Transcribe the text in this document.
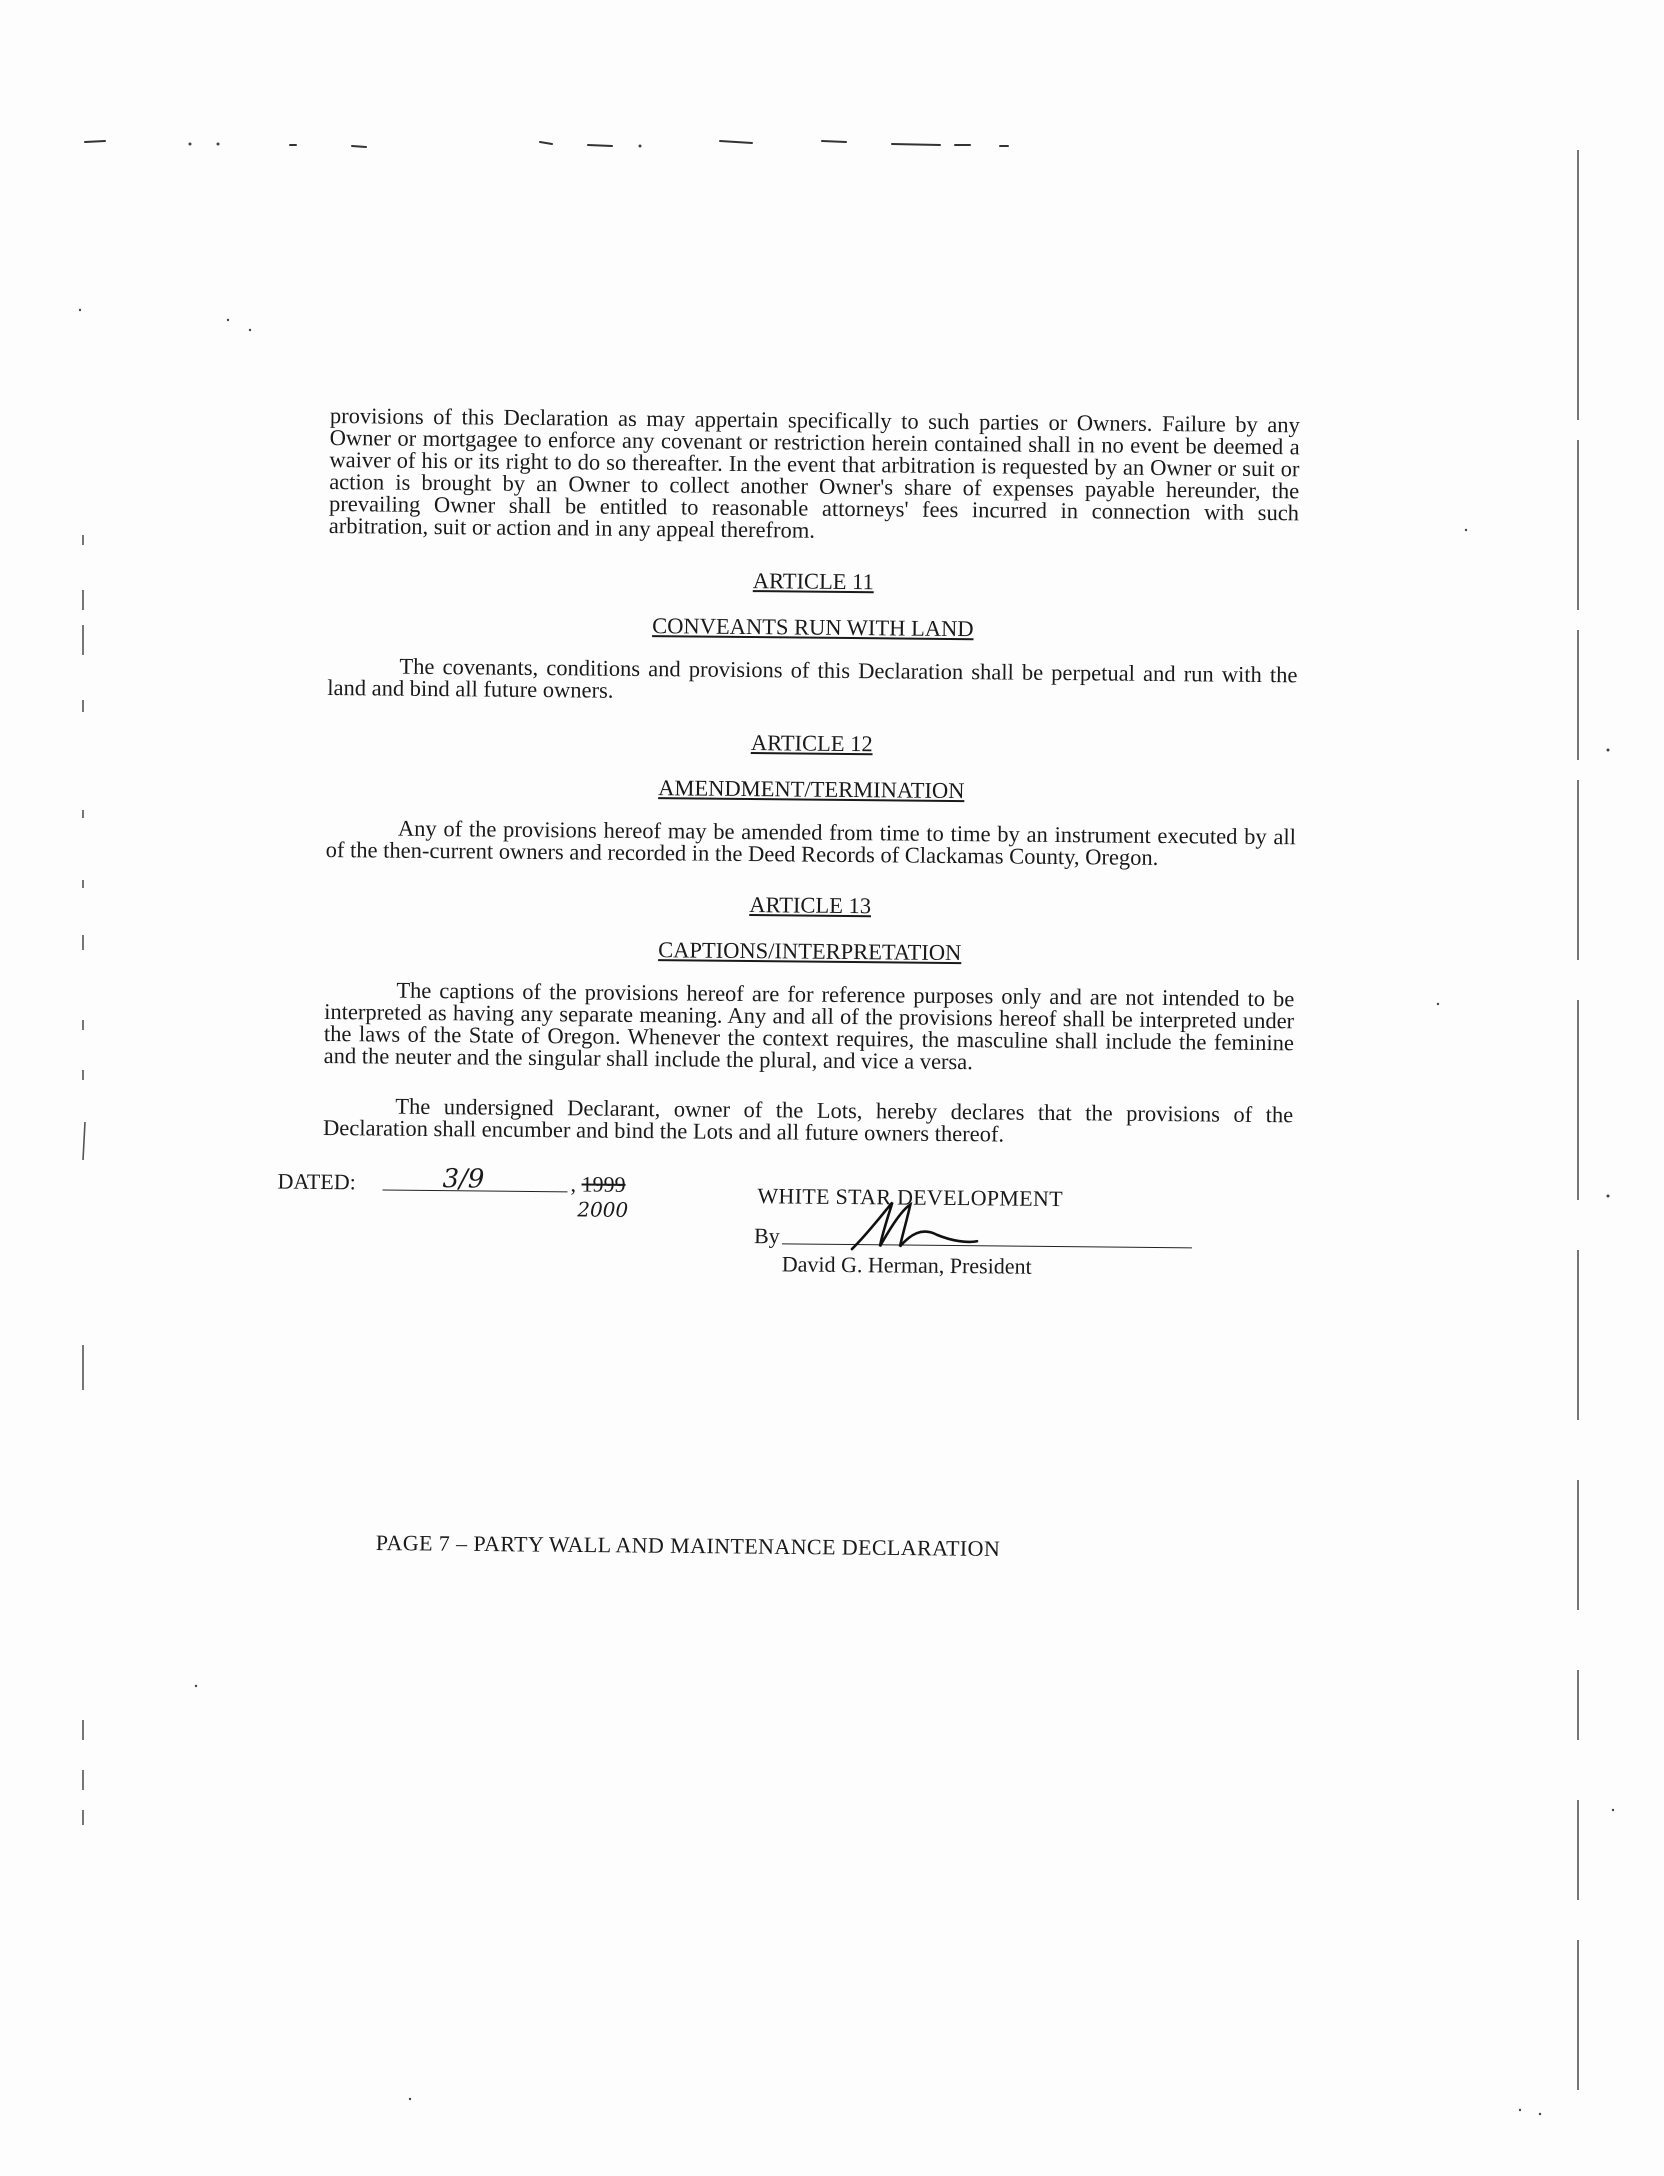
provisions of this Declaration as may appertain specifically to such parties or Owners. Failure by any Owner or mortgagee to enforce any covenant or restriction herein contained shall in no event be deemed a waiver of his or its right to do so thereafter. In the event that arbitration is requested by an Owner or suit or action is brought by an Owner to collect another Owner's share of expenses payable hereunder, the prevailing Owner shall be entitled to reasonable attorneys' fees incurred in connection with such arbitration, suit or action and in any appeal therefrom.

ARTICLE 11

CONVEANTS RUN WITH LAND

The covenants, conditions and provisions of this Declaration shall be perpetual and run with the land and bind all future owners.

ARTICLE 12

AMENDMENT/TERMINATION

Any of the provisions hereof may be amended from time to time by an instrument executed by all of the then-current owners and recorded in the Deed Records of Clackamas County, Oregon.

ARTICLE 13

CAPTIONS/INTERPRETATION

The captions of the provisions hereof are for reference purposes only and are not intended to be interpreted as having any separate meaning. Any and all of the provisions hereof shall be interpreted under the laws of the State of Oregon. Whenever the context requires, the masculine shall include the feminine and the neuter and the singular shall include the plural, and vice a versa.

The undersigned Declarant, owner of the Lots, hereby declares that the provisions of the Declaration shall encumber and bind the Lots and all future owners thereof.

DATED:	3/9	, 1999
2000	WHITE STAR DEVELOPMENT
By
David G. Herman, President

PAGE 7 – PARTY WALL AND MAINTENANCE DECLARATION
